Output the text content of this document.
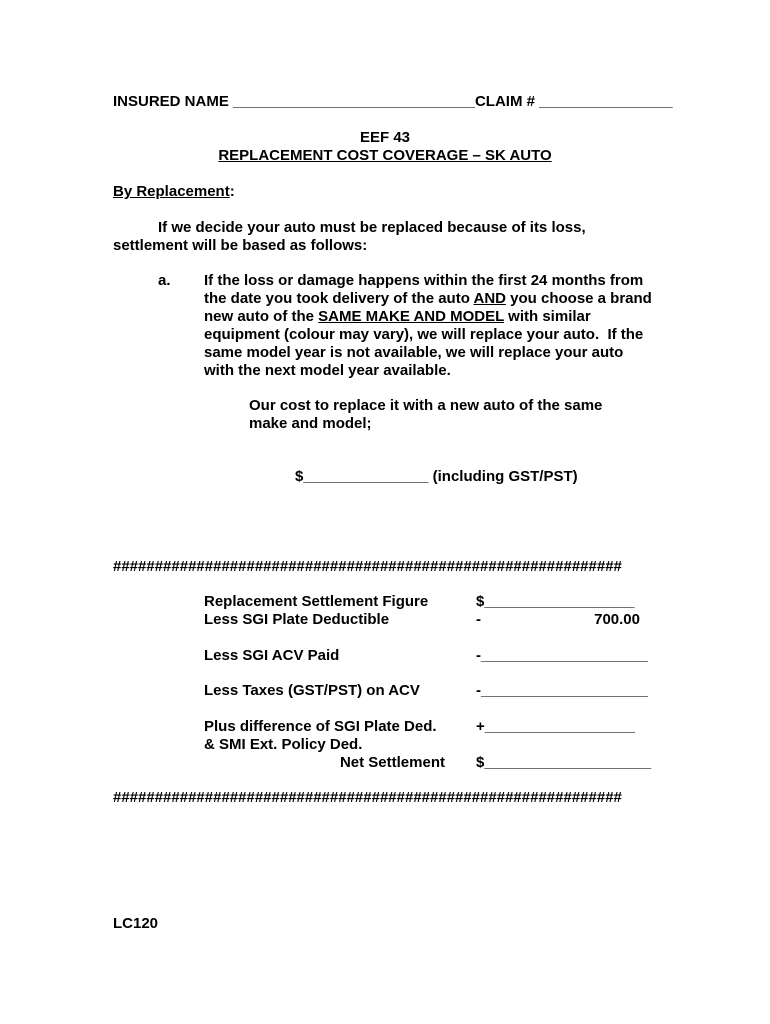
INSURED NAME _____________________________CLAIM # ________________
EEF 43
REPLACEMENT COST COVERAGE – SK AUTO
By Replacement:
If we decide your auto must be replaced because of its loss,
settlement will be based as follows:
a. If the loss or damage happens within the first 24 months from
the date you took delivery of the auto AND you choose a brand
new auto of the SAME MAKE AND MODEL with similar
equipment (colour may vary), we will replace your auto.  If the
same model year is not available, we will replace your auto
with the next model year available.
Our cost to replace it with a new auto of the same
make and model;
$_______________ (including GST/PST)
#############################################################
Replacement Settlement Figure	$__________________
Less SGI Plate Deductible	-	700.00
Less SGI ACV Paid	-____________________
Less Taxes (GST/PST) on ACV	-____________________
Plus difference of SGI Plate Ded.	+__________________
& SMI Ext. Policy Ded.
Net Settlement $____________________
#############################################################
LC120
